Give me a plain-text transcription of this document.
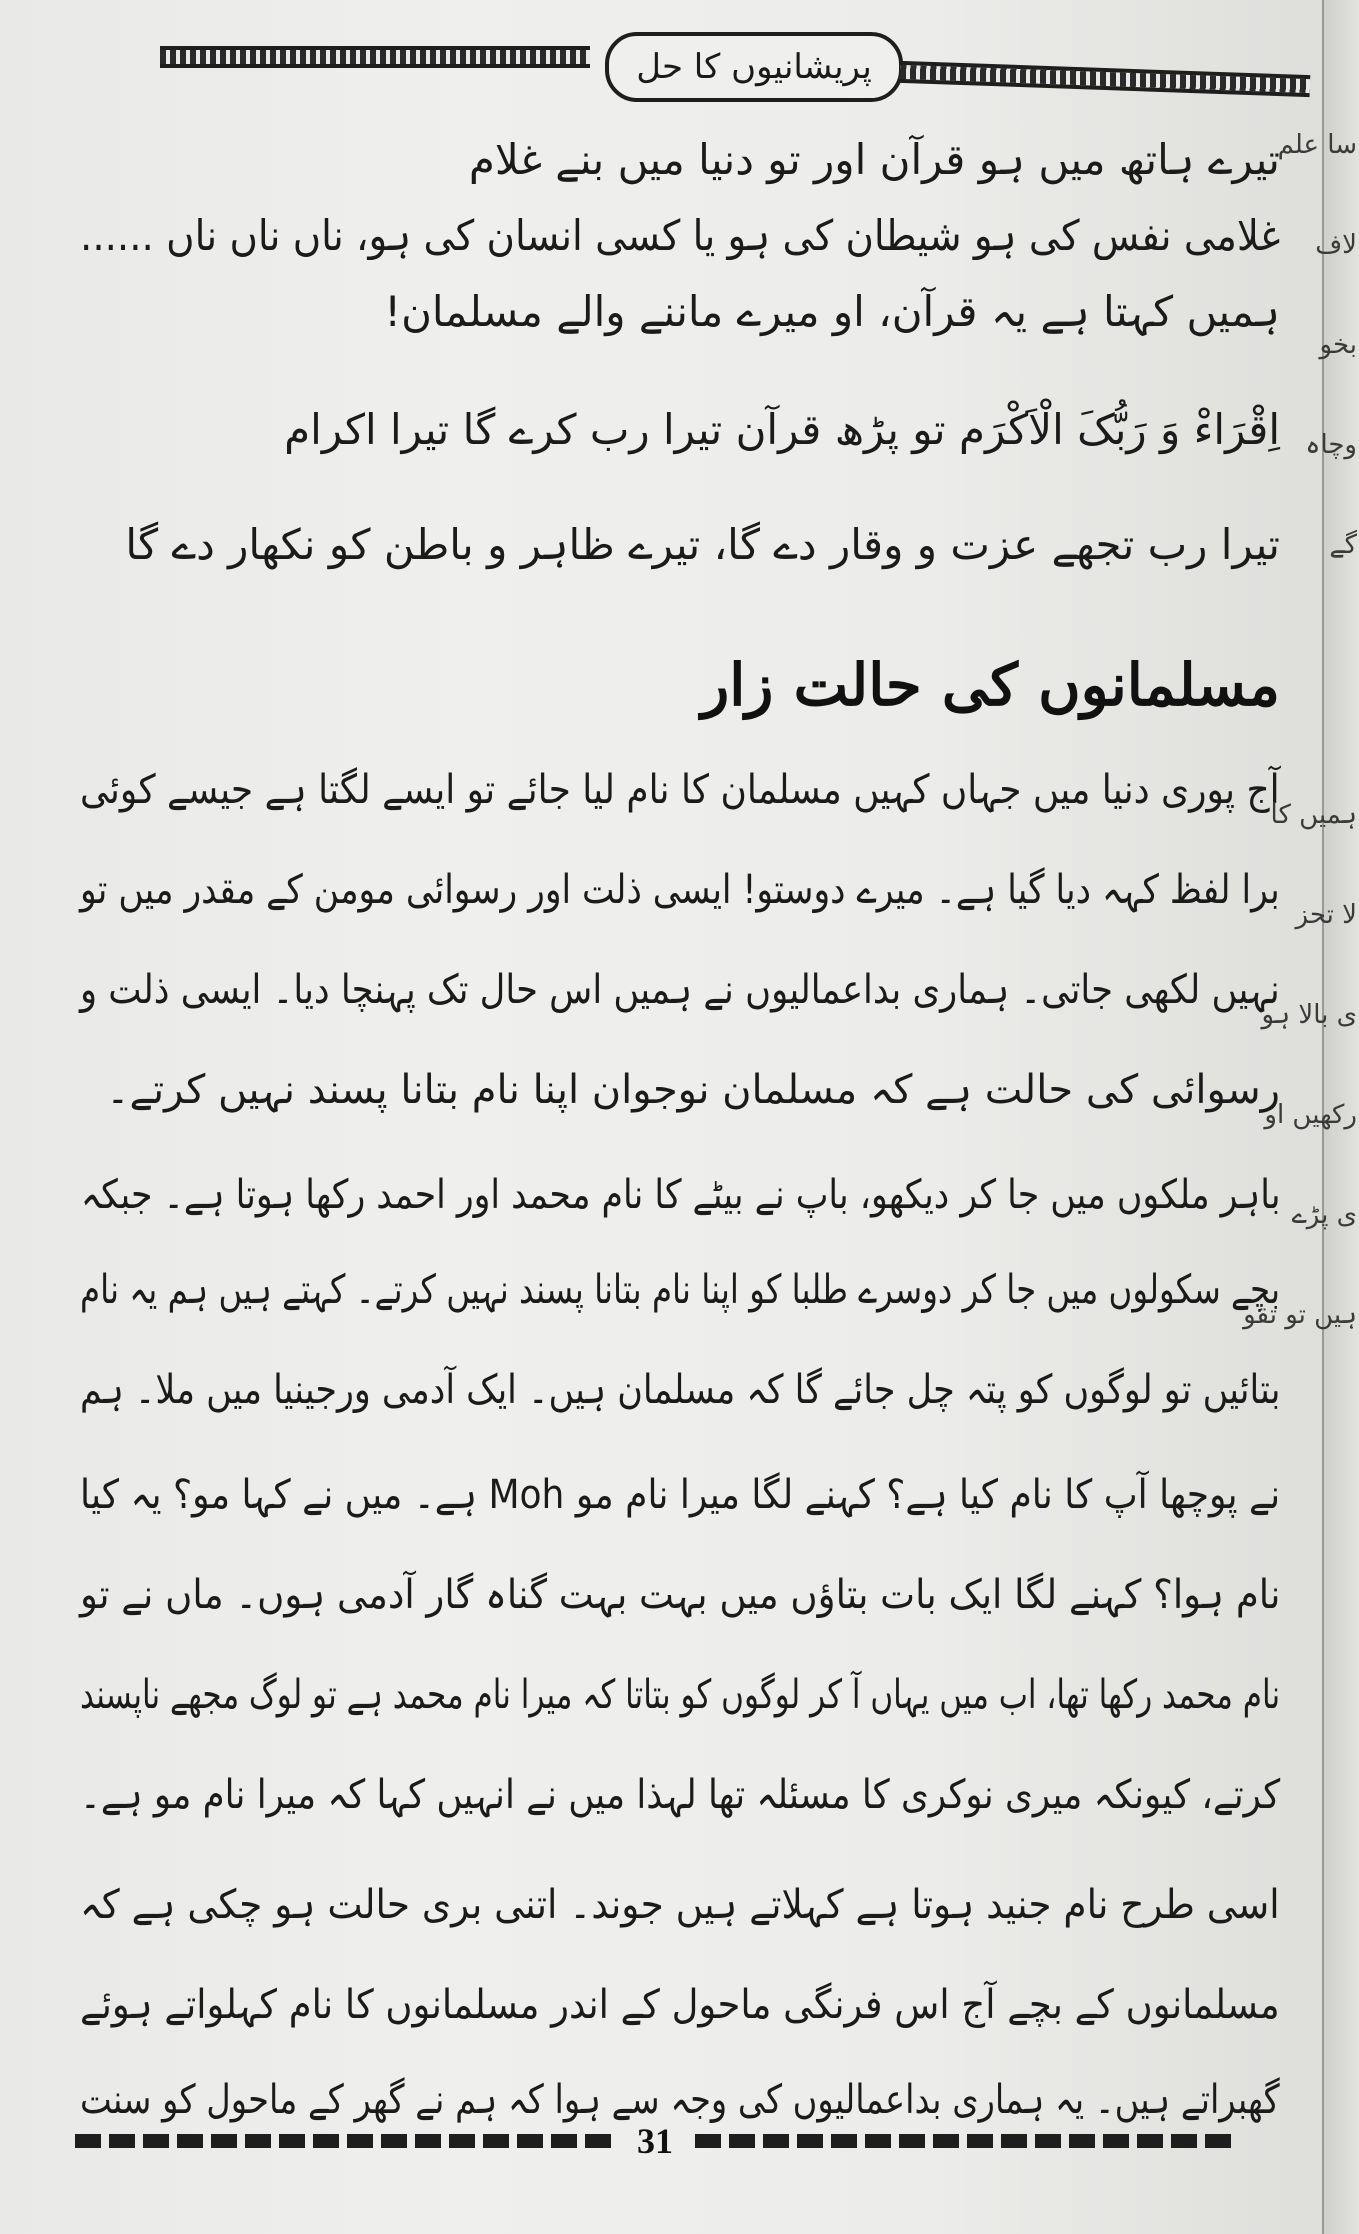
پریشانیوں کا حل
تیرے ہاتھ میں ہو قرآن اور تو دنیا میں بنے غلام
غلامی نفس کی ہو شیطان کی ہو یا کسی انسان کی ہو، ناں ناں ناں ......
ہمیں کہتا ہے یہ قرآن، او میرے ماننے والے مسلمان!
اِقْرَاءْ وَ رَبُّکَ الْاَکْرَم تو پڑھ قرآن تیرا رب کرے گا تیرا اکرام
تیرا رب تجھے عزت و وقار دے گا، تیرے ظاہر و باطن کو نکھار دے گا
مسلمانوں کی حالت زار
آج پوری دنیا میں جہاں کہیں مسلمان کا نام لیا جائے تو ایسے لگتا ہے جیسے کوئی
برا لفظ کہہ دیا گیا ہے۔ میرے دوستو! ایسی ذلت اور رسوائی مومن کے مقدر میں تو
نہیں لکھی جاتی۔ ہماری بداعمالیوں نے ہمیں اس حال تک پہنچا دیا۔ ایسی ذلت و
رسوائی کی حالت ہے کہ مسلمان نوجوان اپنا نام بتانا پسند نہیں کرتے۔
باہر ملکوں میں جا کر دیکھو، باپ نے بیٹے کا نام محمد اور احمد رکھا ہوتا ہے۔ جبکہ
بچے سکولوں میں جا کر دوسرے طلبا کو اپنا نام بتانا پسند نہیں کرتے۔ کہتے ہیں ہم یہ نام
بتائیں تو لوگوں کو پتہ چل جائے گا کہ مسلمان ہیں۔ ایک آدمی ورجینیا میں ملا۔ ہم
نے پوچھا آپ کا نام کیا ہے؟ کہنے لگا میرا نام مو Moh ہے۔ میں نے کہا مو؟ یہ کیا
نام ہوا؟ کہنے لگا ایک بات بتاؤں میں بہت بہت گناہ گار آدمی ہوں۔ ماں نے تو
نام محمد رکھا تھا، اب میں یہاں آ کر لوگوں کو بتاتا کہ میرا نام محمد ہے تو لوگ مجھے ناپسند
کرتے، کیونکہ میری نوکری کا مسئلہ تھا لہذا میں نے انہیں کہا کہ میرا نام مو ہے۔
اسی طرح نام جنید ہوتا ہے کہلاتے ہیں جوند۔ اتنی بری حالت ہو چکی ہے کہ
مسلمانوں کے بچے آج اس فرنگی ماحول کے اندر مسلمانوں کا نام کہلواتے ہوئے
گھبراتے ہیں۔ یہ ہماری بداعمالیوں کی وجہ سے ہوا کہ ہم نے گھر کے ماحول کو سنت
31
سا علم
لاف
بخو
وچاہ
گے
ہمیں کا
لا تحز
ی بالا ہو
رکھیں او
ی پڑے
ہیں تو تقو
